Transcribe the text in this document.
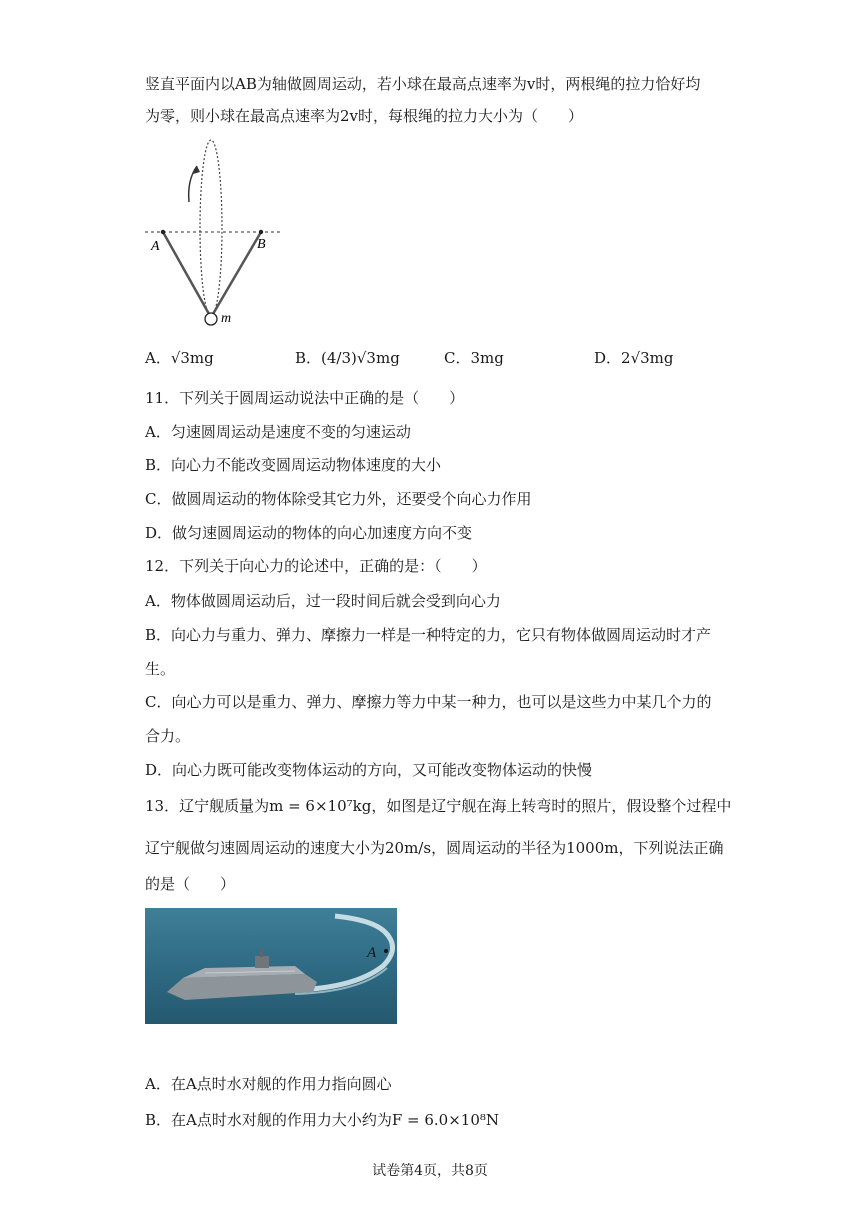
竖直平面内以AB为轴做圆周运动，若小球在最高点速率为v时，两根绳的拉力恰好均
为零，则小球在最高点速率为2v时，每根绳的拉力大小为（　　）
A	B
m
A．√3mg	B．(4/3)√3mg	C．3mg	D．2√3mg
11．下列关于圆周运动说法中正确的是（　　）
A．匀速圆周运动是速度不变的匀速运动
B．向心力不能改变圆周运动物体速度的大小
C．做圆周运动的物体除受其它力外，还要受个向心力作用
D．做匀速圆周运动的物体的向心加速度方向不变
12．下列关于向心力的论述中，正确的是：（　　）
A．物体做圆周运动后，过一段时间后就会受到向心力
B．向心力与重力、弹力、摩擦力一样是一种特定的力，它只有物体做圆周运动时才产
生。
C．向心力可以是重力、弹力、摩擦力等力中某一种力，也可以是这些力中某几个力的
合力。
D．向心力既可能改变物体运动的方向，又可能改变物体运动的快慢
13．辽宁舰质量为m = 6×10⁷kg，如图是辽宁舰在海上转弯时的照片，假设整个过程中
辽宁舰做匀速圆周运动的速度大小为20m/s，圆周运动的半径为1000m，下列说法正确
的是（　　）
A
A．在A点时水对舰的作用力指向圆心
B．在A点时水对舰的作用力大小约为F = 6.0×10⁸N
试卷第4页，共8页
